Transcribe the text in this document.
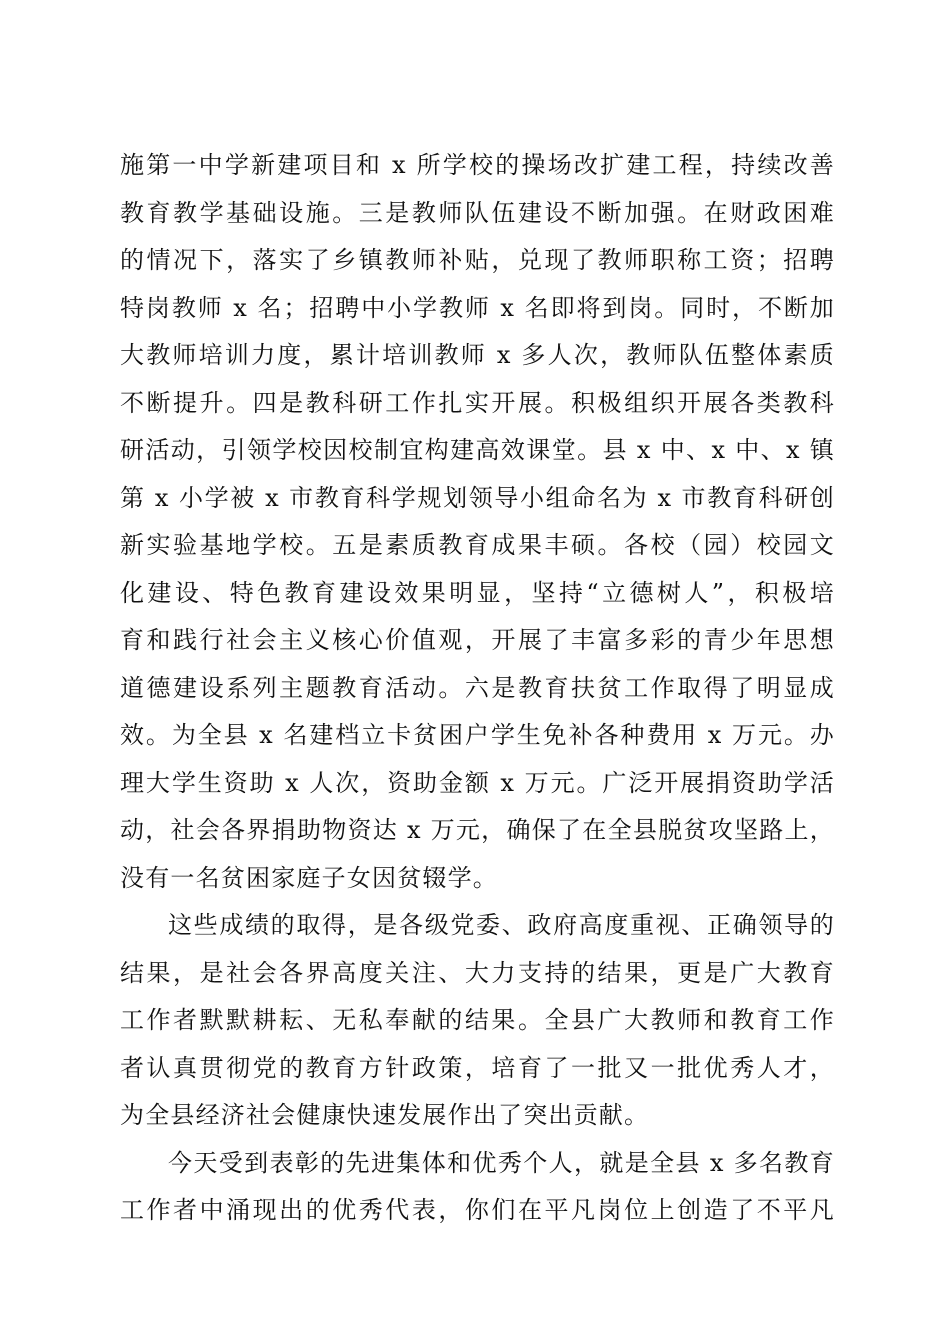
施第一中学新建项目和 x 所学校的操场改扩建工程，持续改善
教育教学基础设施。三是教师队伍建设不断加强。在财政困难
的情况下，落实了乡镇教师补贴，兑现了教师职称工资；招聘
特岗教师 x 名；招聘中小学教师 x 名即将到岗。同时，不断加
大教师培训力度，累计培训教师 x 多人次，教师队伍整体素质
不断提升。四是教科研工作扎实开展。积极组织开展各类教科
研活动，引领学校因校制宜构建高效课堂。县 x 中、x 中、x 镇
第 x 小学被 x 市教育科学规划领导小组命名为 x 市教育科研创
新实验基地学校。五是素质教育成果丰硕。各校（园）校园文
化建设、特色教育建设效果明显，坚持“立德树人”，积极培
育和践行社会主义核心价值观，开展了丰富多彩的青少年思想
道德建设系列主题教育活动。六是教育扶贫工作取得了明显成
效。为全县 x 名建档立卡贫困户学生免补各种费用 x 万元。办
理大学生资助 x 人次，资助金额 x 万元。广泛开展捐资助学活
动，社会各界捐助物资达 x 万元，确保了在全县脱贫攻坚路上，
没有一名贫困家庭子女因贫辍学。
这些成绩的取得，是各级党委、政府高度重视、正确领导的
结果，是社会各界高度关注、大力支持的结果，更是广大教育
工作者默默耕耘、无私奉献的结果。全县广大教师和教育工作
者认真贯彻党的教育方针政策，培育了一批又一批优秀人才，
为全县经济社会健康快速发展作出了突出贡献。
今天受到表彰的先进集体和优秀个人，就是全县 x 多名教育
工作者中涌现出的优秀代表，你们在平凡岗位上创造了不平凡
